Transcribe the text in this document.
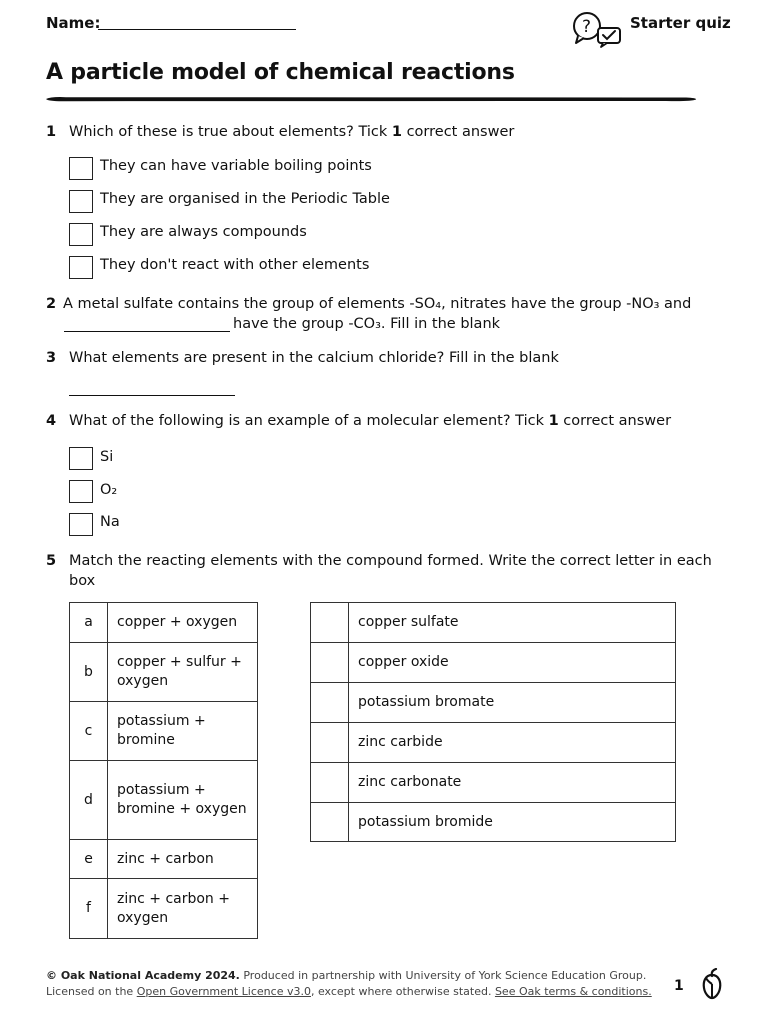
Name:	?	Starter quiz
A particle model of chemical reactions
1 Which of these is true about elements? Tick 1 correct answer
They can have variable boiling points
They are organised in the Periodic Table
They are always compounds
They don't react with other elements
2 A metal sulfate contains the group of elements -SO₄, nitrates have the group -NO₃ and
have the group -CO₃. Fill in the blank
3 What elements are present in the calcium chloride? Fill in the blank
4 What of the following is an example of a molecular element? Tick 1 correct answer
Si
O₂
Na
5 Match the reacting elements with the compound formed. Write the correct letter in each
box
a	copper + oxygen
b	copper + sulfur + oxygen
c	potassium + bromine
d	potassium + bromine + oxygen
e	zinc + carbon
f	zinc + carbon + oxygen
	copper sulfate
	copper oxide
	potassium bromate
	zinc carbide
	zinc carbonate
	potassium bromide
© Oak National Academy 2024. Produced in partnership with University of York Science Education Group.
Licensed on the Open Government Licence v3.0, except where otherwise stated. See Oak terms & conditions. 1
